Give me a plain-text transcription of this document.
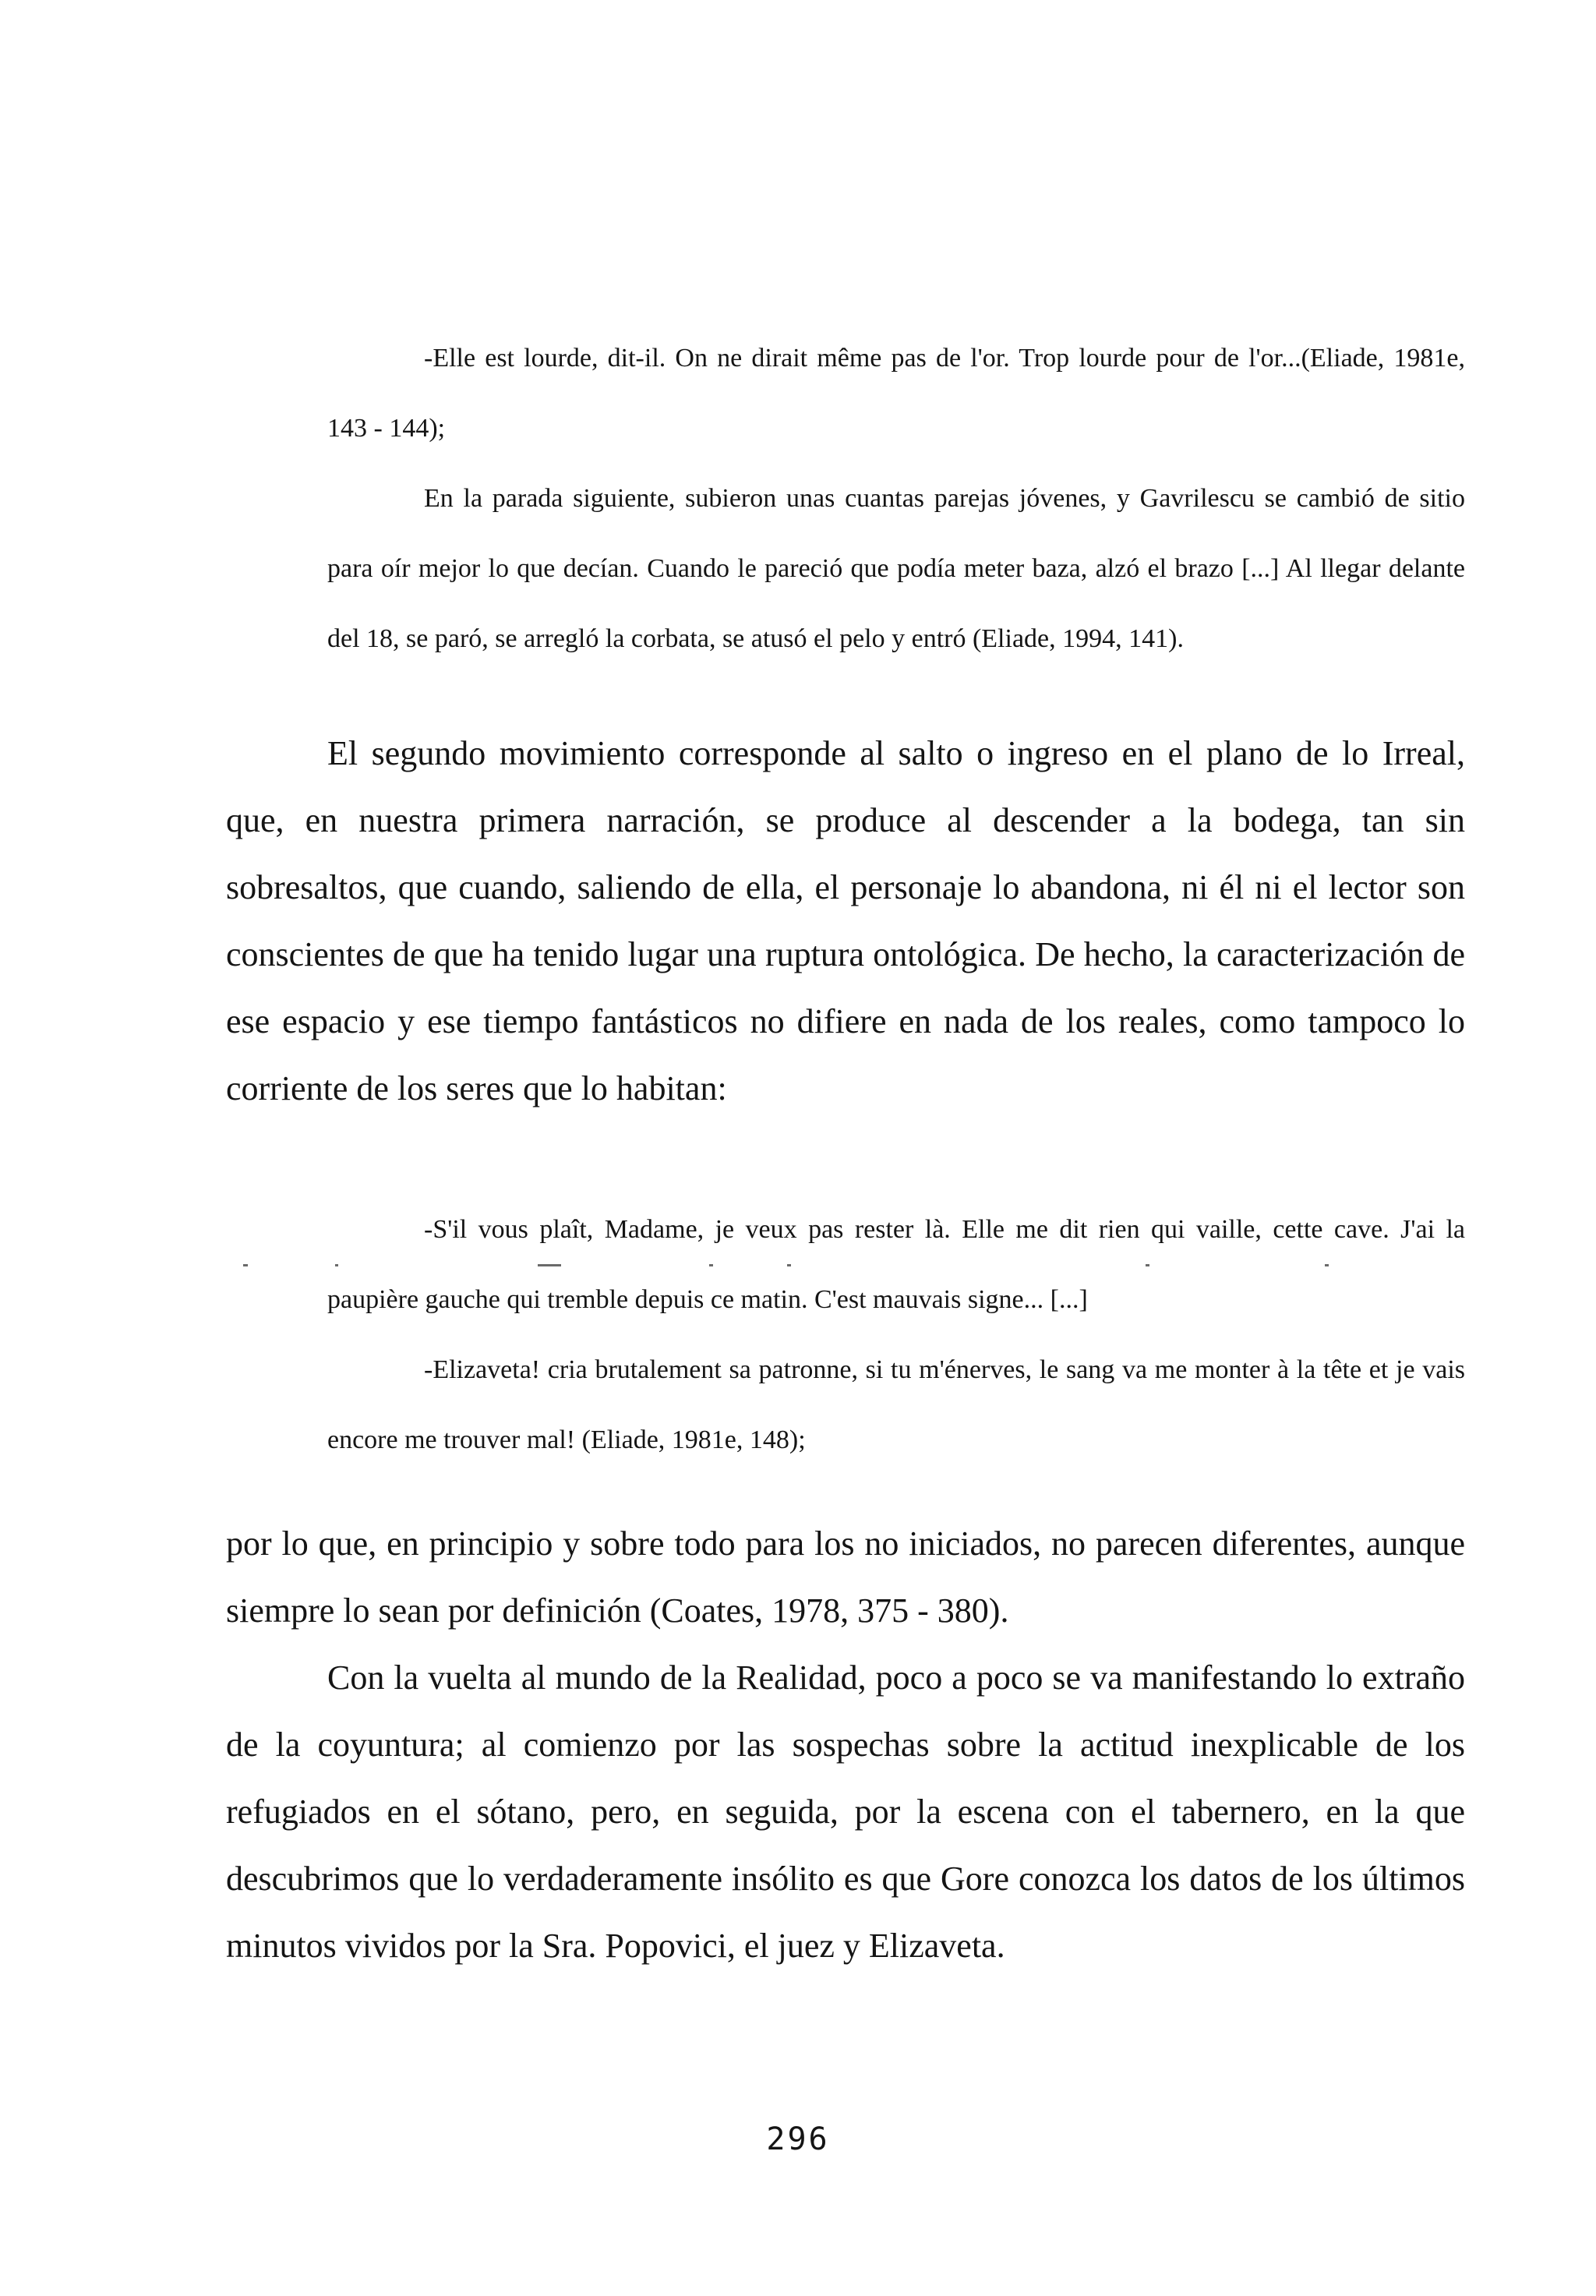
-Elle est lourde, dit-il. On ne dirait même pas de l'or. Trop lourde pour de l'or...(Eliade, 1981e, 143 - 144);

En la parada siguiente, subieron unas cuantas parejas jóvenes, y Gavrilescu se cambió de sitio para oír mejor lo que decían. Cuando le pareció que podía meter baza, alzó el brazo [...] Al llegar delante del 18, se paró, se arregló la corbata, se atusó el pelo y entró (Eliade, 1994, 141).

El segundo movimiento corresponde al salto o ingreso en el plano de lo Irreal, que, en nuestra primera narración, se produce al descender a la bodega, tan sin sobresaltos, que cuando, saliendo de ella, el personaje lo abandona, ni él ni el lector son conscientes de que ha tenido lugar una ruptura ontológica. De hecho, la caracterización de ese espacio y ese tiempo fantásticos no difiere en nada de los reales, como tampoco lo corriente de los seres que lo habitan:

-S'il vous plaît, Madame, je veux pas rester là. Elle me dit rien qui vaille, cette cave. J'ai la paupière gauche qui tremble depuis ce matin. C'est mauvais signe... [...]

-Elizaveta! cria brutalement sa patronne, si tu m'énerves, le sang va me monter à la tête et je vais encore me trouver mal! (Eliade, 1981e, 148);

por lo que, en principio y sobre todo para los no iniciados, no parecen diferentes, aunque siempre lo sean por definición (Coates, 1978, 375 - 380).

Con la vuelta al mundo de la Realidad, poco a poco se va manifestando lo extraño de la coyuntura; al comienzo por las sospechas sobre la actitud inexplicable de los refugiados en el sótano, pero, en seguida, por la escena con el tabernero, en la que descubrimos que lo verdaderamente insólito es que Gore conozca los datos de los últimos minutos vividos por la Sra. Popovici, el juez y Elizaveta.

296
